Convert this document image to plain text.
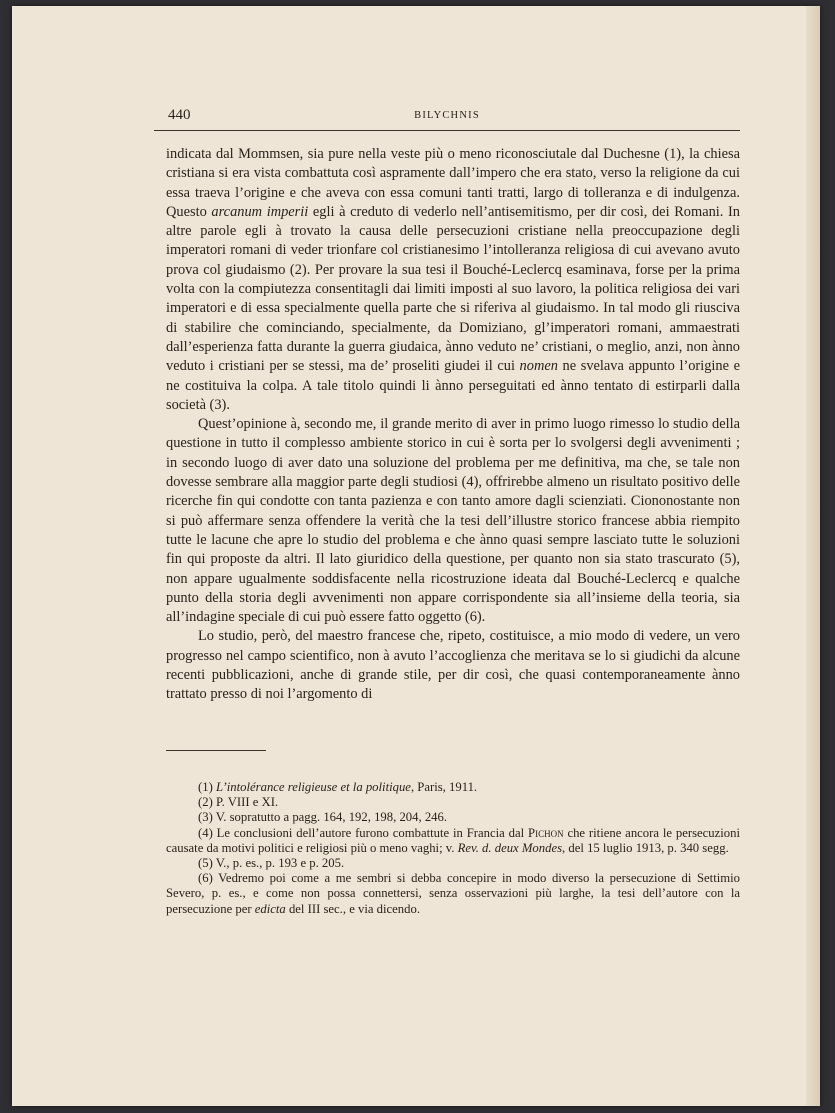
440	BILYCHNIS

indicata dal Mommsen, sia pure nella veste più o meno riconosciutale dal Duchesne (1), la chiesa cristiana si era vista combattuta così aspramente dall’impero che era stato, verso la religione da cui essa traeva l’origine e che aveva con essa comuni tanti tratti, largo di tolleranza e di indulgenza. Questo arcanum imperii egli à creduto di vederlo nell’antisemitismo, per dir così, dei Romani. In altre parole egli à trovato la causa delle persecuzioni cristiane nella preoccupazione degli imperatori romani di veder trionfare col cristianesimo l’intolleranza religiosa di cui avevano avuto prova col giudaismo (2). Per provare la sua tesi il Bouché-Leclercq esaminava, forse per la prima volta con la compiutezza consentitagli dai limiti imposti al suo lavoro, la politica religiosa dei vari imperatori e di essa specialmente quella parte che si riferiva al giudaismo. In tal modo gli riusciva di stabilire che cominciando, specialmente, da Domiziano, gl’imperatori romani, ammaestrati dall’esperienza fatta durante la guerra giudaica, ànno veduto ne’ cristiani, o meglio, anzi, non ànno veduto i cristiani per se stessi, ma de’ proseliti giudei il cui nomen ne svelava appunto l’origine e ne costituiva la colpa. A tale titolo quindi li ànno perseguitati ed ànno tentato di estirparli dalla società (3).

Quest’opinione à, secondo me, il grande merito di aver in primo luogo rimesso lo studio della questione in tutto il complesso ambiente storico in cui è sorta per lo svolgersi degli avvenimenti ; in secondo luogo di aver dato una soluzione del problema per me definitiva, ma che, se tale non dovesse sembrare alla maggior parte degli studiosi (4), offrirebbe almeno un risultato positivo delle ricerche fin qui condotte con tanta pazienza e con tanto amore dagli scienziati. Ciononostante non si può affermare senza offendere la verità che la tesi dell’illustre storico francese abbia riempito tutte le lacune che apre lo studio del problema e che ànno quasi sempre lasciato tutte le soluzioni fin qui proposte da altri. Il lato giuridico della questione, per quanto non sia stato trascurato (5), non appare ugualmente soddisfacente nella ricostruzione ideata dal Bouché-Leclercq e qualche punto della storia degli avvenimenti non appare corrispondente sia all’insieme della teoria, sia all’indagine speciale di cui può essere fatto oggetto (6).

Lo studio, però, del maestro francese che, ripeto, costituisce, a mio modo di vedere, un vero progresso nel campo scientifico, non à avuto l’accoglienza che meritava se lo si giudichi da alcune recenti pubblicazioni, anche di grande stile, per dir così, che quasi contemporaneamente ànno trattato presso di noi l’argomento di

(1) L’intolérance religieuse et la politique, Paris, 1911.
(2) P. VIII e XI.
(3) V. sopratutto a pagg. 164, 192, 198, 204, 246.
(4) Le conclusioni dell’autore furono combattute in Francia dal Pichon che ritiene ancora le persecuzioni causate da motivi politici e religiosi più o meno vaghi; v. Rev. d. deux Mondes, del 15 luglio 1913, p. 340 segg.
(5) V., p. es., p. 193 e p. 205.
(6) Vedremo poi come a me sembri si debba concepire in modo diverso la persecuzione di Settimio Severo, p. es., e come non possa connettersi, senza osservazioni più larghe, la tesi dell’autore con la persecuzione per edicta del III sec., e via dicendo.
